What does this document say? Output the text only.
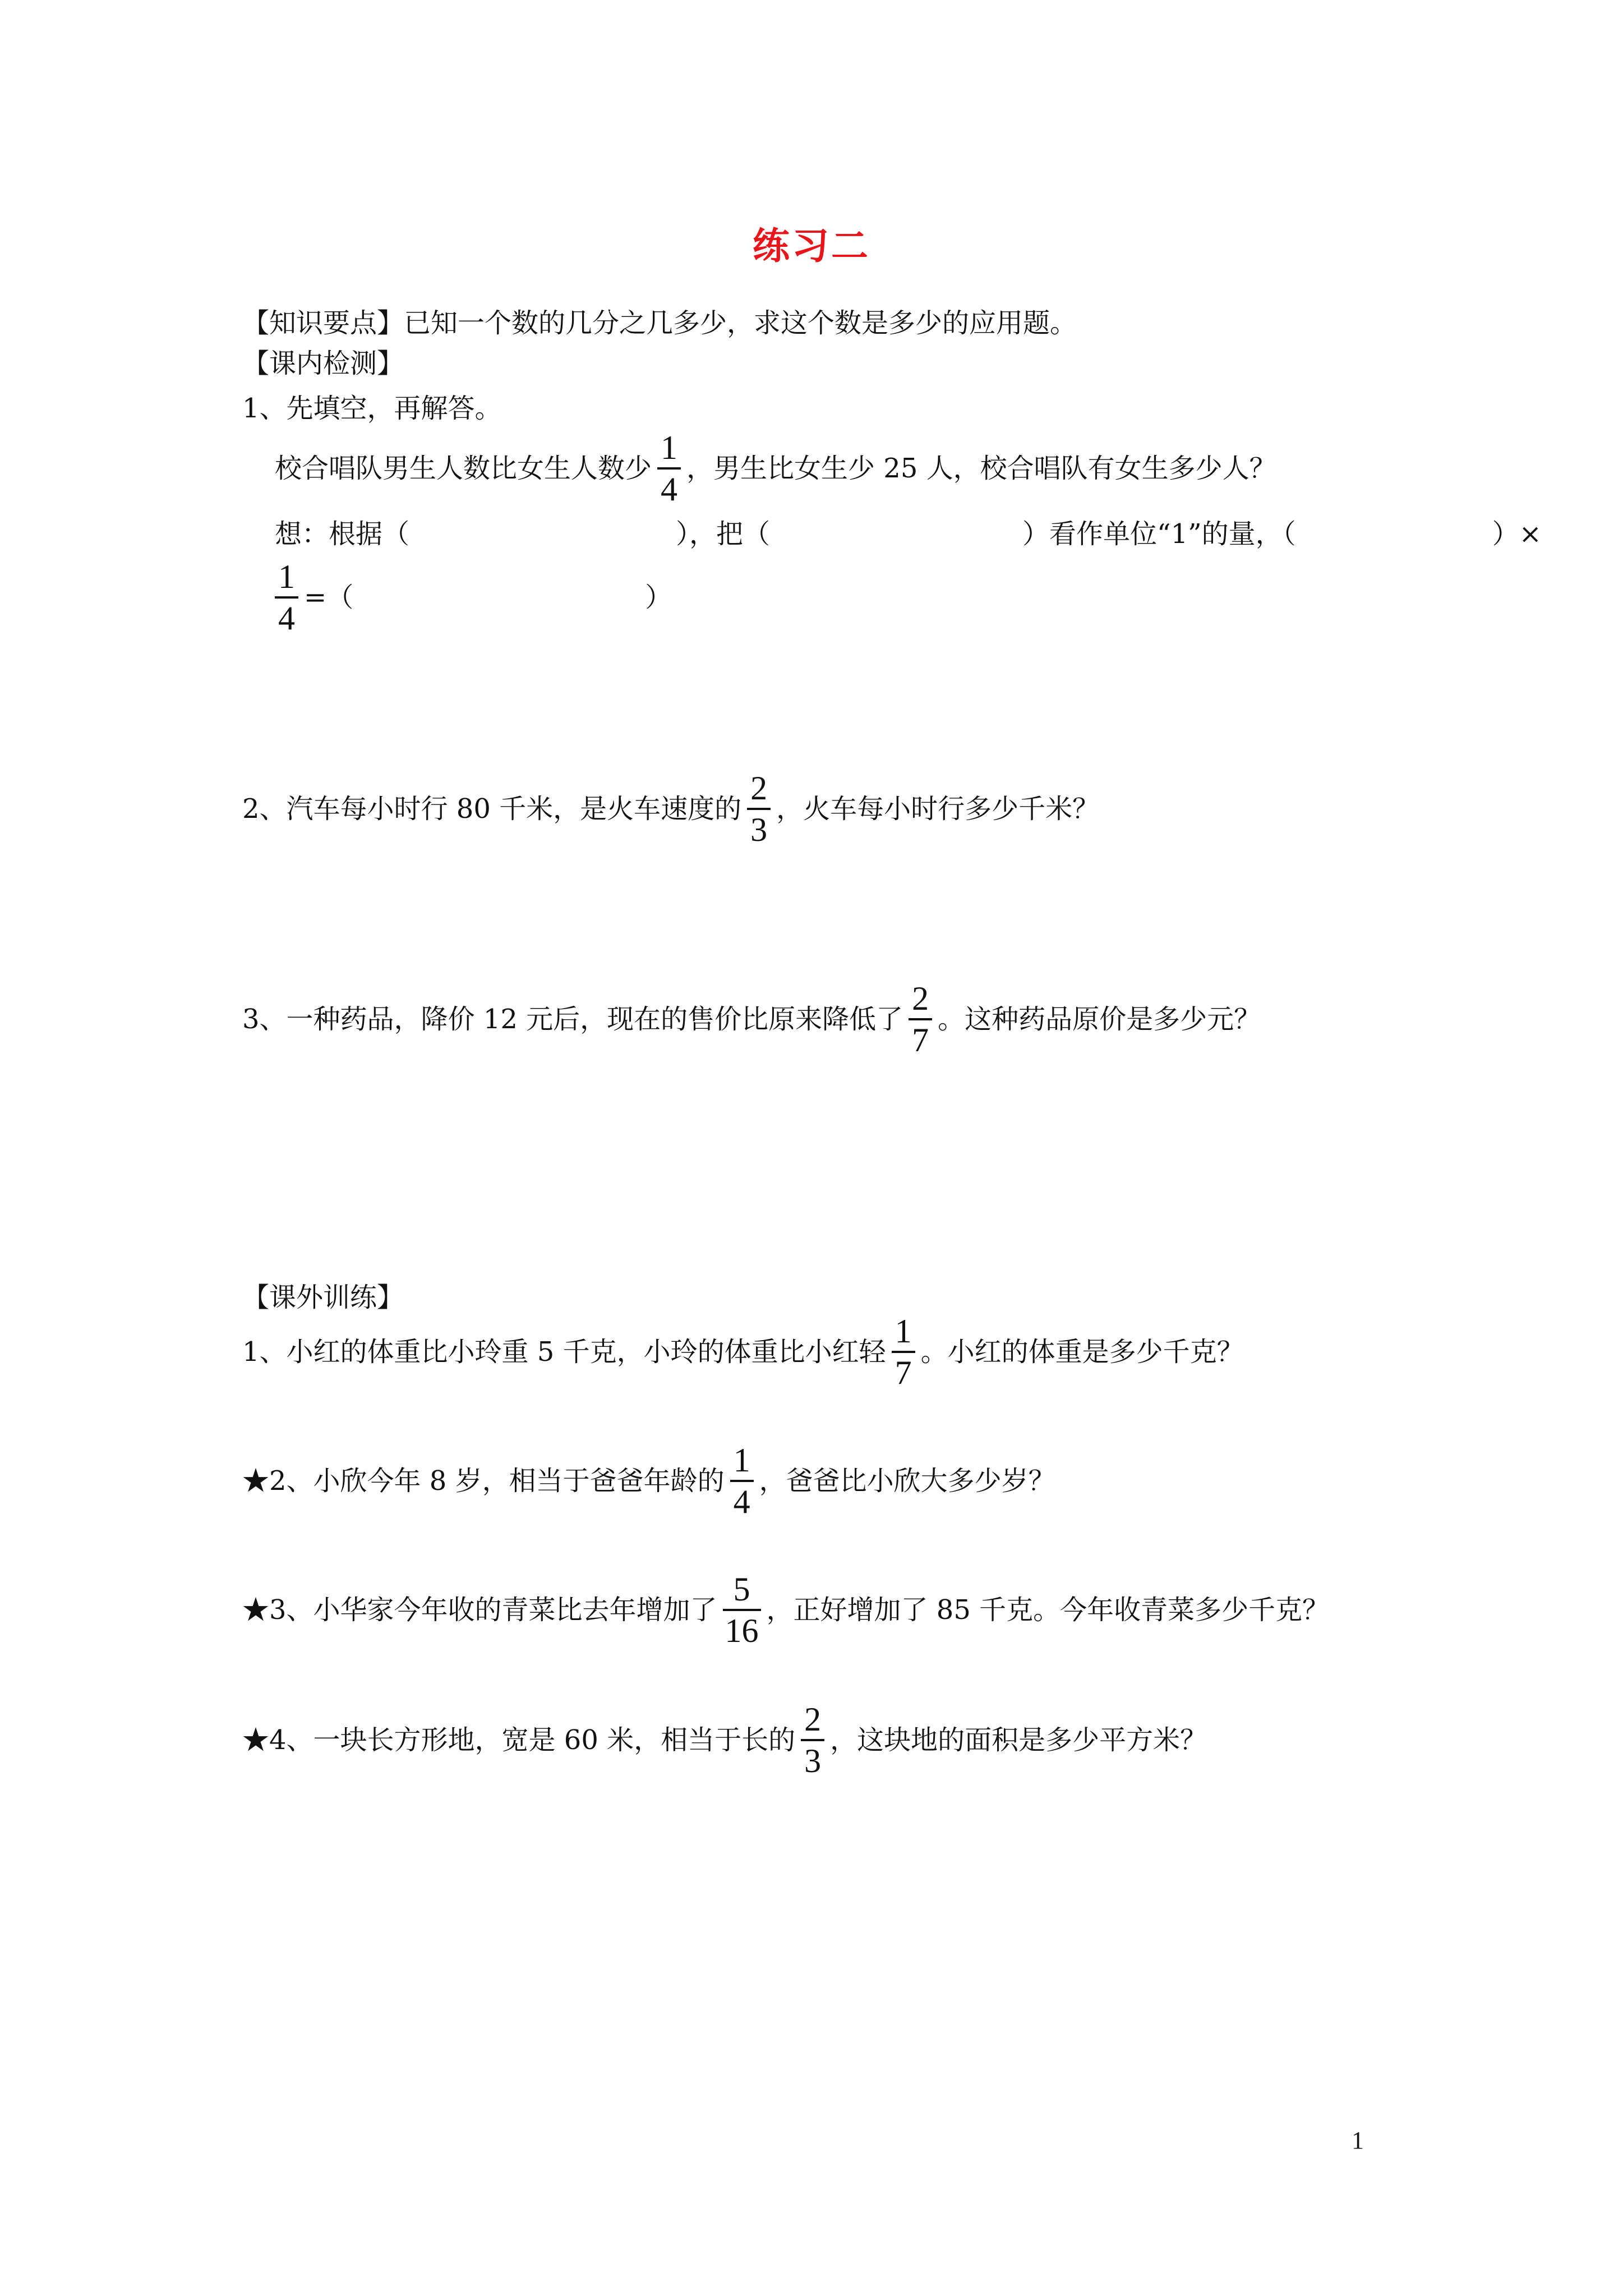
练习二
【知识要点】已知一个数的几分之几多少，求这个数是多少的应用题。
【课内检测】
1、先填空，再解答。
校合唱队男生人数比女生人数少 $\frac{1}{4}$ ，男生比女生少 25 人，校合唱队有女生多少人？
想：根据（	），把（	）看作单位“1”的量，（	）×
$\frac{1}{4}$ =（	）
2、汽车每小时行 80 千米，是火车速度的 $\frac{2}{3}$ ，火车每小时行多少千米？
3、一种药品，降价 12 元后，现在的售价比原来降低了 $\frac{2}{7}$ 。这种药品原价是多少元？
【课外训练】
1、小红的体重比小玲重 5 千克，小玲的体重比小红轻 $\frac{1}{7}$ 。小红的体重是多少千克？
★2、小欣今年 8 岁，相当于爸爸年龄的 $\frac{1}{4}$ ，爸爸比小欣大多少岁？
★3、小华家今年收的青菜比去年增加了 $\frac{5}{16}$ ，正好增加了 85 千克。今年收青菜多少千克？
★4、一块长方形地，宽是 60 米，相当于长的 $\frac{2}{3}$ ，这块地的面积是多少平方米？
1
